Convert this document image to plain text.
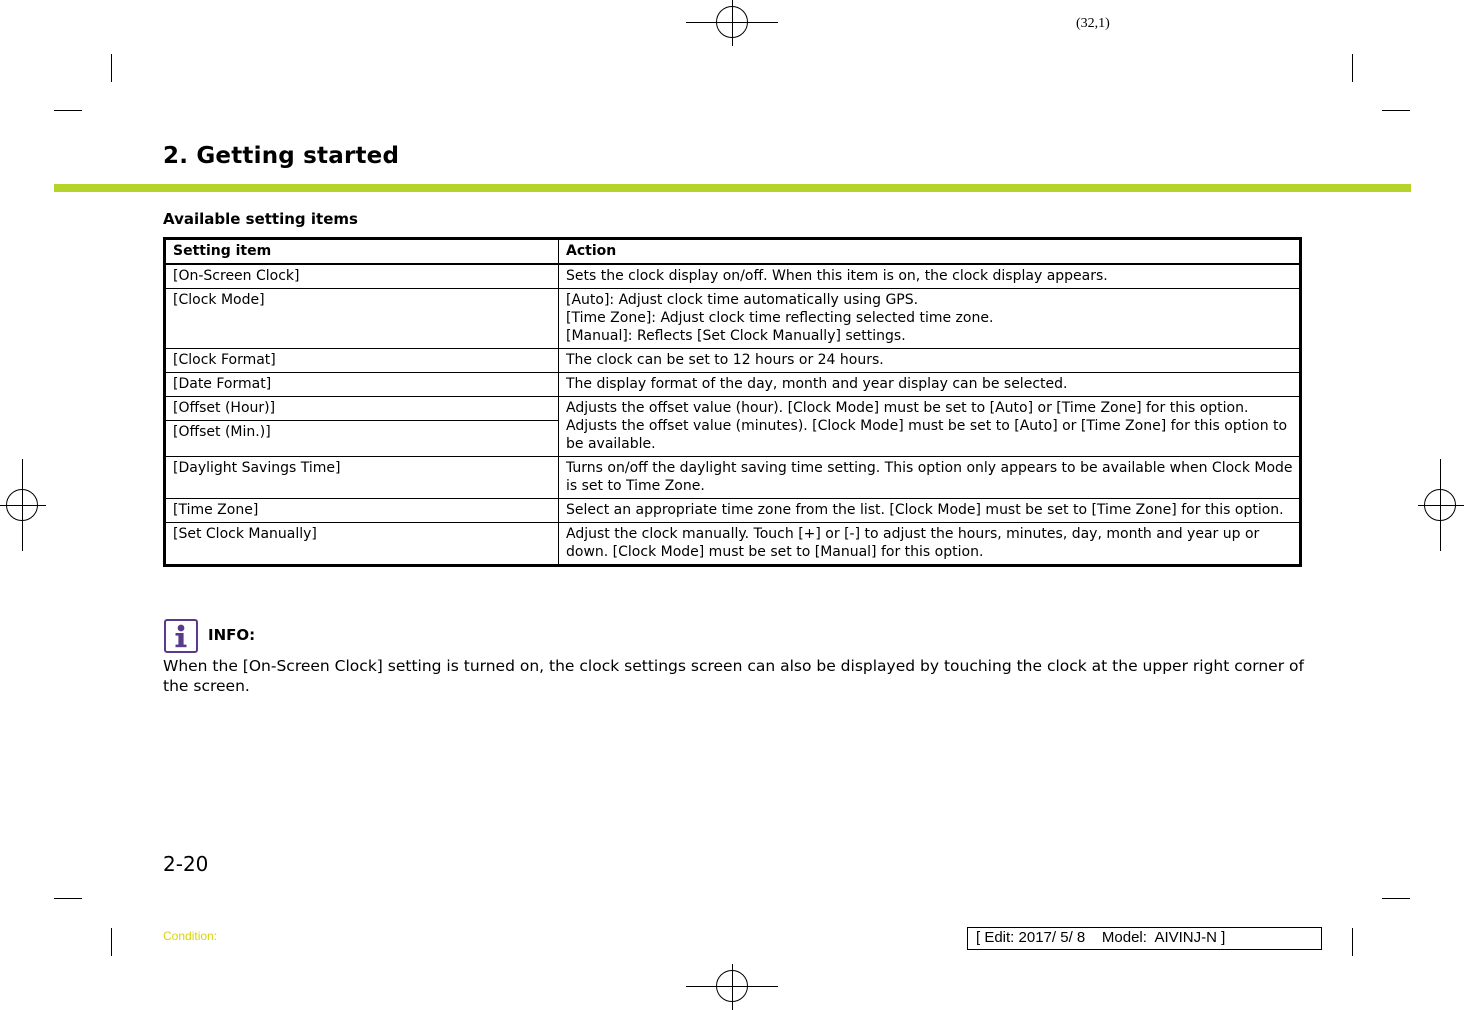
(32,1)
2. Getting started
Available setting items
Setting item	Action
[On-Screen Clock]	Sets the clock display on/off. When this item is on, the clock display appears.

[Clock Mode]	[Auto]: Adjust clock time automatically using GPS.
[Time Zone]: Adjust clock time reflecting selected time zone.
[Manual]: Reflects [Set Clock Manually] settings.

[Clock Format]	The clock can be set to 12 hours or 24 hours.

[Date Format]	The display format of the day, month and year display can be selected.

[Offset (Hour)]	Adjusts the offset value (hour). [Clock Mode] must be set to [Auto] or [Time Zone] for this option.
Adjusts the offset value (minutes). [Clock Mode] must be set to [Auto] or [Time Zone] for this option to be available.

[Offset (Min.)]	
[Daylight Savings Time]	Turns on/off the daylight saving time setting. This option only appears to be available when Clock Mode is set to Time Zone.

[Time Zone]	Select an appropriate time zone from the list. [Clock Mode] must be set to [Time Zone] for this option.

[Set Clock Manually]	Adjust the clock manually. Touch [+] or [-] to adjust the hours, minutes, day, month and year up or down. [Clock Mode] must be set to [Manual] for this option.
INFO:
When the [On-Screen Clock] setting is turned on, the clock settings screen can also be displayed by touching the clock at the upper right corner of the screen.
2-20
Condition:	[ Edit: 2017/ 5/ 8    Model:  AIVINJ-N ]
